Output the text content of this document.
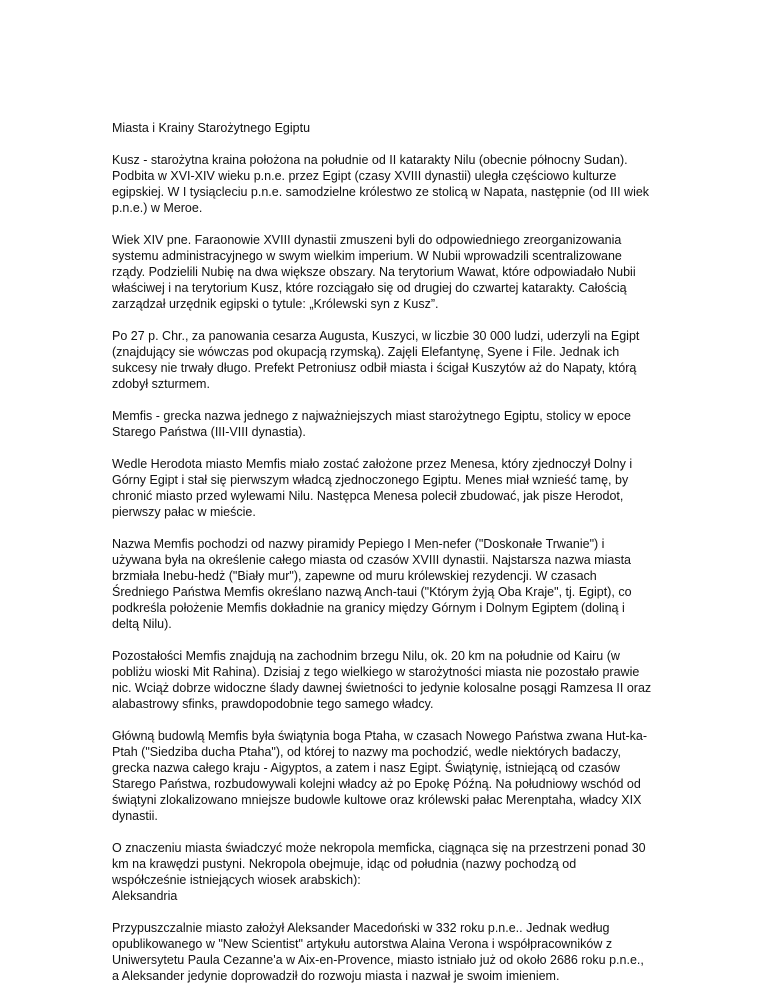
Miasta i Krainy Starożytnego Egiptu

Kusz - starożytna kraina położona na południe od II kataraktу Nilu (obecnie północny Sudan). Podbita w XVI-XIV wieku p.n.e. przez Egipt (czasy XVIII dynastii) uległa częściowo kulturze egipskiej. W I tysiącleciu p.n.e. samodzielne królestwo ze stolicą w Napata, następnie (od III wiek p.n.e.) w Meroe.

Wiek XIV pne. Faraonowie XVIII dynastii zmuszeni byli do odpowiedniego zreorganizowania systemu administracyjnego w swym wielkim imperium. W Nubii wprowadzili scentralizowane rządy. Podzielili Nubię na dwa większe obszary. Na terytorium Wawat, które odpowiadało Nubii właściwej i na terytorium Kusz, które rozciągało się od drugiej do czwartej katarakty. Całością zarządzał urzędnik egipski o tytule: „Królewski syn z Kusz”.

Po 27 p. Chr., za panowania cesarza Augusta, Kuszyci, w liczbie 30 000 ludzi, uderzyli na Egipt (znajdujący sie wówczas pod okupacją rzymską). Zajęli Elefantynę, Syene i File. Jednak ich sukcesy nie trwały długo. Prefekt Petroniusz odbił miasta i ścigał Kuszytów aż do Napaty, którą zdobył szturmem.

Memfis - grecka nazwa jednego z najważniejszych miast starożytnego Egiptu, stolicy w epoce Starego Państwa (III-VIII dynastia).

Wedle Herodota miasto Memfis miało zostać założone przez Menesa, który zjednoczył Dolny i Górny Egipt i stał się pierwszym władcą zjednoczonego Egiptu. Menes miał wznieść tamę, by chronić miasto przed wylewami Nilu. Następca Menesa polecił zbudować, jak pisze Herodot, pierwszy pałac w mieście.

Nazwa Memfis pochodzi od nazwy piramidy Pepiego I Men-nefer ("Doskonałe Trwanie") i używana była na określenie całego miasta od czasów XVIII dynastii. Najstarsza nazwa miasta brzmiała Inebu-hedż ("Biały mur"), zapewne od muru królewskiej rezydencji. W czasach Średniego Państwa Memfis określano nazwą Anch-taui ("Którym żyją Oba Kraje", tj. Egipt), co podkreśla położenie Memfis dokładnie na granicy między Górnym i Dolnym Egiptem (doliną i deltą Nilu).

Pozostałości Memfis znajdują na zachodnim brzegu Nilu, ok. 20 km na południe od Kairu (w pobliżu wioski Mit Rahina). Dzisiaj z tego wielkiego w starożytności miasta nie pozostało prawie nic. Wciąż dobrze widoczne ślady dawnej świetności to jedynie kolosalne posągi Ramzesa II oraz alabastrowy sfinks, prawdopodobnie tego samego władcy.

Główną budowlą Memfis była świątynia boga Ptaha, w czasach Nowego Państwa zwana Hut-ka-Ptah ("Siedziba ducha Ptaha"), od której to nazwy ma pochodzić, wedle niektórych badaczy, grecka nazwa całego kraju - Aigyptos, a zatem i nasz Egipt. Świątynię, istniejącą od czasów Starego Państwa, rozbudowywali kolejni władcy aż po Epokę Późną. Na południowy wschód od świątyni zlokalizowano mniejsze budowle kultowe oraz królewski pałac Merenptaha, władcy XIX dynastii.

O znaczeniu miasta świadczyć może nekropola memficka, ciągnąca się na przestrzeni ponad 30 km na krawędzi pustyni. Nekropola obejmuje, idąc od południa (nazwy pochodzą od współcześnie istniejących wiosek arabskich):
Aleksandria

Przypuszczalnie miasto założył Aleksander Macedoński w 332 roku p.n.e.. Jednak według opublikowanego w "New Scientist" artykułu autorstwa Alaina Verona i współpracowników z Uniwersytetu Paula Cezanne'a w Aix-en-Provence, miasto istniało już od około 2686 roku p.n.e., a Aleksander jedynie doprowadził do rozwoju miasta i nazwał je swoim imieniem.
